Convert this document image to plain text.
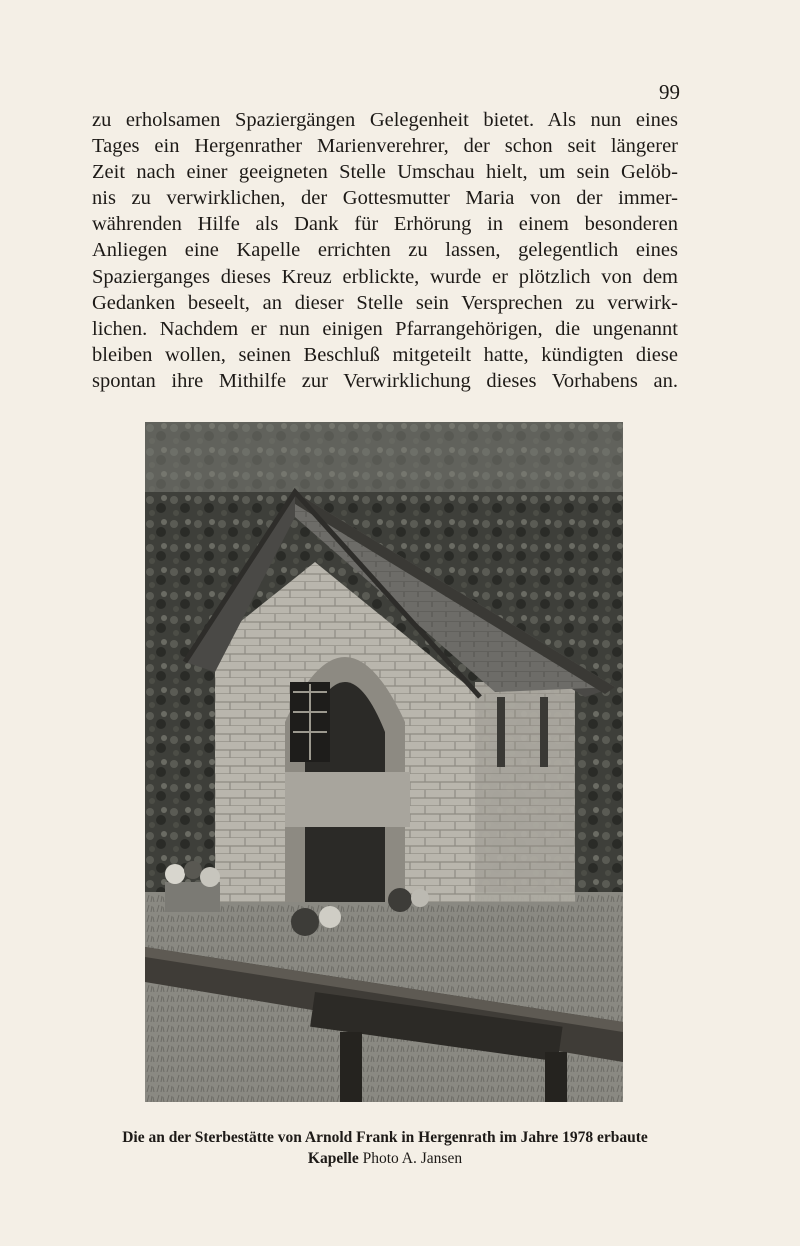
99
zu erholsamen Spaziergängen Gelegenheit bietet. Als nun eines
Tages ein Hergenrather Marienverehrer, der schon seit längerer
Zeit nach einer geeigneten Stelle Umschau hielt, um sein Gelöb-
nis zu verwirklichen, der Gottesmutter Maria von der immer-
währenden Hilfe als Dank für Erhörung in einem besonderen
Anliegen eine Kapelle errichten zu lassen, gelegentlich eines
Spazierganges dieses Kreuz erblickte, wurde er plötzlich von dem
Gedanken beseelt, an dieser Stelle sein Versprechen zu verwirk-
lichen. Nachdem er nun einigen Pfarrangehörigen, die ungenannt
bleiben wollen, seinen Beschluß mitgeteilt hatte, kündigten diese
spontan ihre Mithilfe zur Verwirklichung dieses Vorhabens an.
Die an der Sterbestätte von Arnold Frank in Hergenrath im Jahre 1978 erbaute
Kapelle Photo A. Jansen
